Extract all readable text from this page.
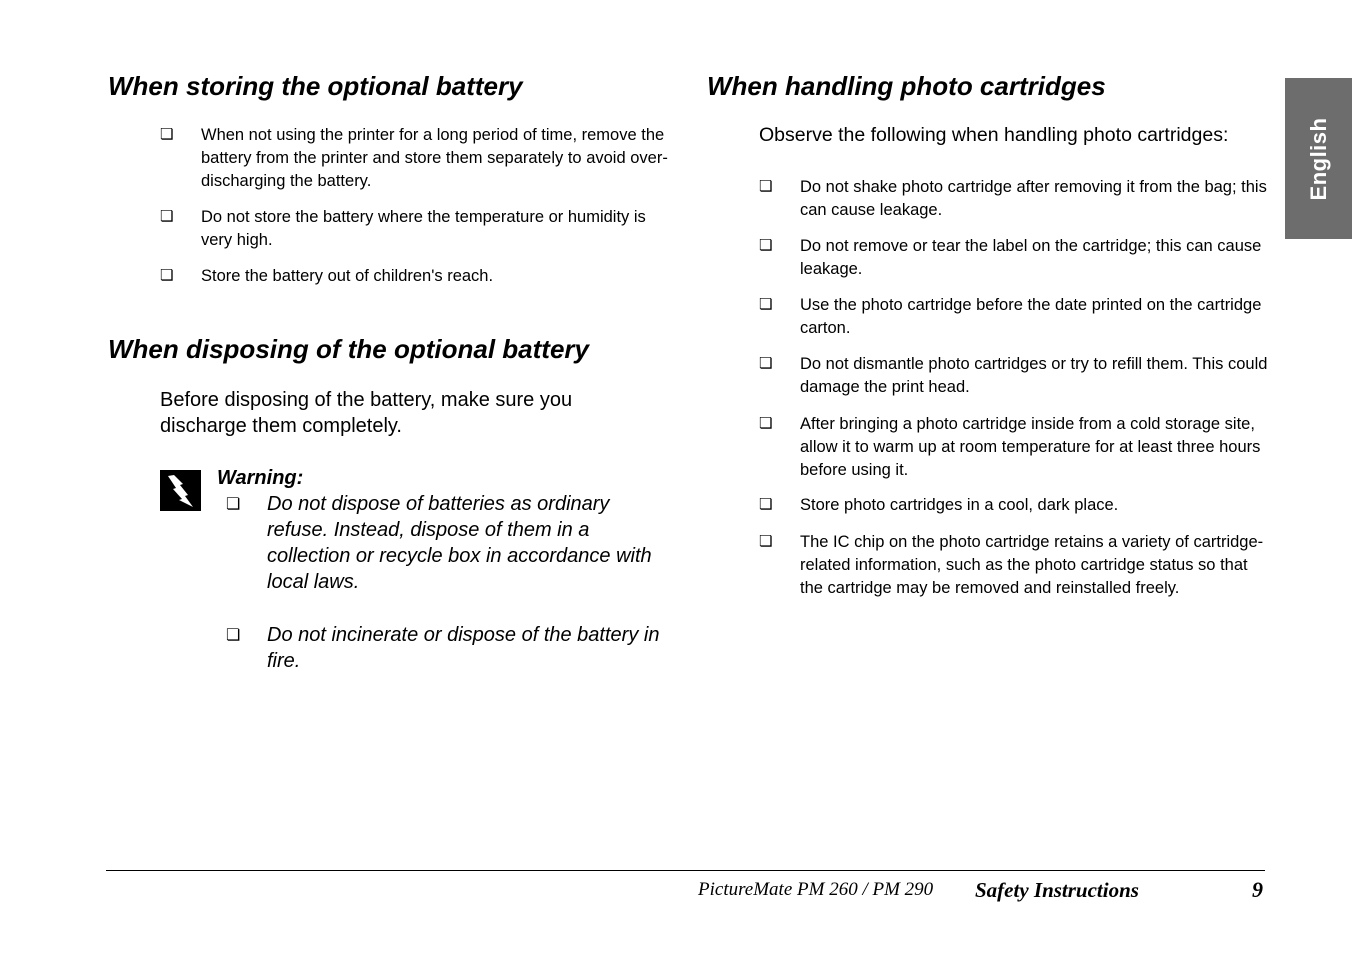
English
When storing the optional battery
❏ When not using the printer for a long period of time, remove the battery from the printer and store them separately to avoid over-discharging the battery.
❏ Do not store the battery where the temperature or humidity is very high.
❏ Store the battery out of children's reach.
When disposing of the optional battery
Before disposing of the battery, make sure you discharge them completely.
Warning:
❏ Do not dispose of batteries as ordinary refuse. Instead, dispose of them in a collection or recycle box in accordance with local laws.
❏ Do not incinerate or dispose of the battery in fire.
When handling photo cartridges
Observe the following when handling photo cartridges:
❏ Do not shake photo cartridge after removing it from the bag; this can cause leakage.
❏ Do not remove or tear the label on the cartridge; this can cause leakage.
❏ Use the photo cartridge before the date printed on the cartridge carton.
❏ Do not dismantle photo cartridges or try to refill them. This could damage the print head.
❏ After bringing a photo cartridge inside from a cold storage site, allow it to warm up at room temperature for at least three hours before using it.
❏ Store photo cartridges in a cool, dark place.
❏ The IC chip on the photo cartridge retains a variety of cartridge-related information, such as the photo cartridge status so that the cartridge may be removed and reinstalled freely.
PictureMate PM 260 / PM 290 Safety Instructions	9
